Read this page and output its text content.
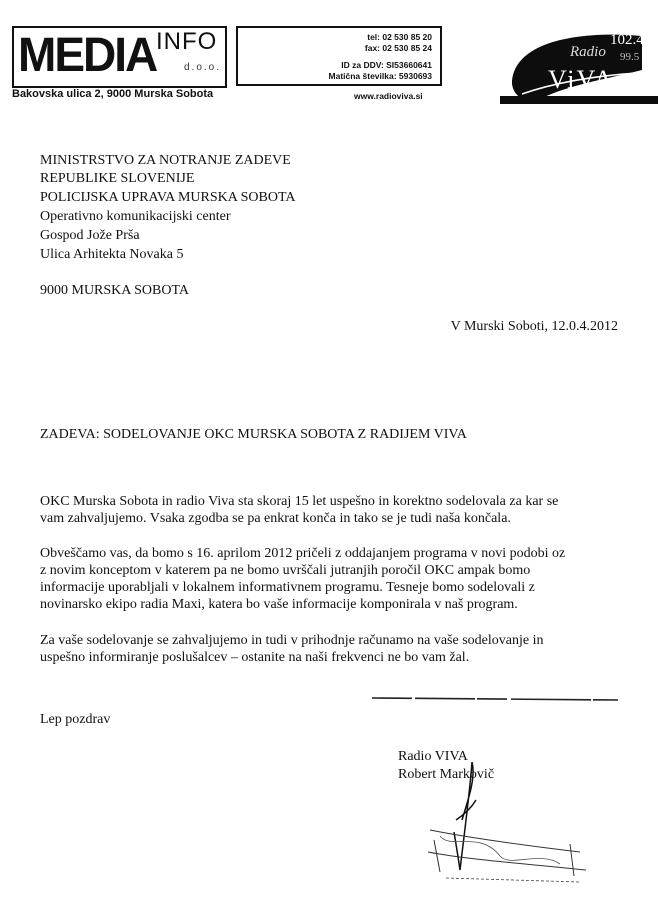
MEDIA INFO
d.o.o.
Bakovska ulica 2, 9000 Murska Sobota
tel: 02 530 85 20
fax: 02 530 85 24
ID za DDV: SI53660641
Matična številka: 5930693
www.radioviva.si
Radio
ViVA
102.4
99.5
MINISTRSTVO ZA NOTRANJE ZADEVE
REPUBLIKE SLOVENIJE
POLICIJSKA UPRAVA MURSKA SOBOTA
Operativno komunikacijski center
Gospod Jože Prša
Ulica Arhitekta Novaka 5
9000 MURSKA SOBOTA
V Murski Soboti, 12.0.4.2012
ZADEVA: SODELOVANJE OKC MURSKA SOBOTA Z RADIJEM VIVA
OKC Murska Sobota in radio Viva sta skoraj 15 let uspešno in korektno sodelovala za kar se
vam zahvaljujemo. Vsaka zgodba se pa enkrat konča in tako se je tudi naša končala.
Obveščamo vas, da bomo s 16. aprilom 2012 pričeli z oddajanjem programa v novi podobi oz
z novim konceptom v katerem pa ne bomo uvrščali jutranjih poročil OKC ampak bomo
informacije uporabljali v lokalnem informativnem programu. Tesneje bomo sodelovali z
novinarsko ekipo radia Maxi, katera bo vaše informacije komponirala v naš program.
Za vaše sodelovanje se zahvaljujemo in tudi v prihodnje računamo na vaše sodelovanje in
uspešno informiranje poslušalcev – ostanite na naši frekvenci ne bo vam žal.
Lep pozdrav
Radio VIVA
Robert Markovič
